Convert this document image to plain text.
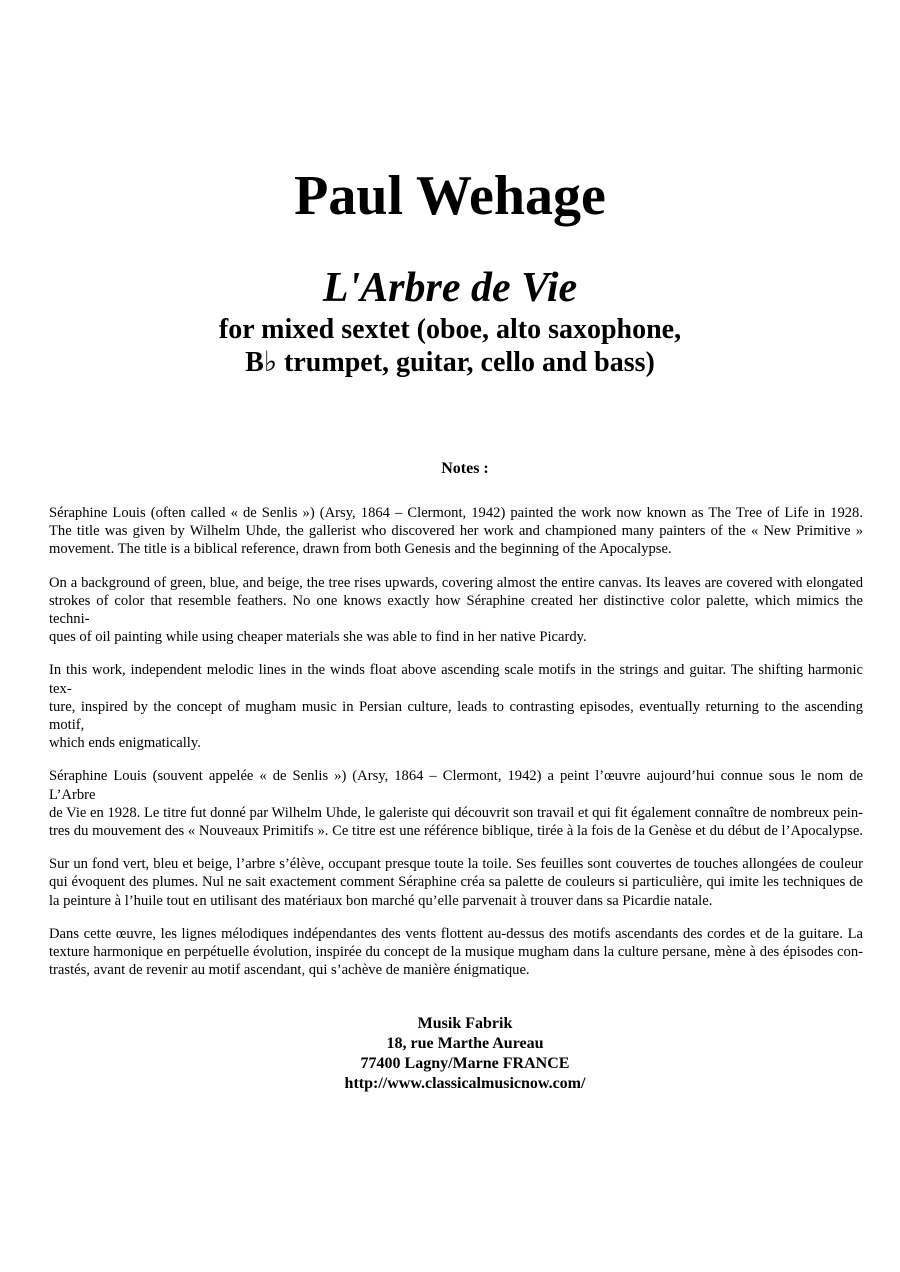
Paul Wehage
L'Arbre de Vie

for mixed sextet (oboe, alto saxophone,

B♭ trumpet, guitar, cello and bass)

Notes :

Séraphine Louis (often called « de Senlis ») (Arsy, 1864 – Clermont, 1942) painted the work now known as The Tree of Life in 1928.
The title was given by Wilhelm Uhde, the gallerist who discovered her work and championed many painters of the « New Primitive »
movement. The title is a biblical reference, drawn from both Genesis and the beginning of the Apocalypse.

On a background of green, blue, and beige, the tree rises upwards, covering almost the entire canvas. Its leaves are covered with elongated
strokes of color that resemble feathers. No one knows exactly how Séraphine created her distinctive color palette, which mimics the techni-
ques of oil painting while using cheaper materials she was able to find in her native Picardy.

In this work, independent melodic lines in the winds float above ascending scale motifs in the strings and guitar. The shifting harmonic tex-
ture, inspired by the concept of mugham music in Persian culture, leads to contrasting episodes, eventually returning to the ascending motif,
which ends enigmatically.

Séraphine Louis (souvent appelée « de Senlis ») (Arsy, 1864 – Clermont, 1942) a peint l’œuvre aujourd’hui connue sous le nom de L’Arbre
de Vie en 1928. Le titre fut donné par Wilhelm Uhde, le galeriste qui découvrit son travail et qui fit également connaître de nombreux pein-
tres du mouvement des « Nouveaux Primitifs ». Ce titre est une référence biblique, tirée à la fois de la Genèse et du début de l’Apocalypse.

Sur un fond vert, bleu et beige, l’arbre s’élève, occupant presque toute la toile. Ses feuilles sont couvertes de touches allongées de couleur
qui évoquent des plumes. Nul ne sait exactement comment Séraphine créa sa palette de couleurs si particulière, qui imite les techniques de
la peinture à l’huile tout en utilisant des matériaux bon marché qu’elle parvenait à trouver dans sa Picardie natale.

Dans cette œuvre, les lignes mélodiques indépendantes des vents flottent au-dessus des motifs ascendants des cordes et de la guitare. La
texture harmonique en perpétuelle évolution, inspirée du concept de la musique mugham dans la culture persane, mène à des épisodes con-
trastés, avant de revenir au motif ascendant, qui s’achève de manière énigmatique.

Musik Fabrik
18, rue Marthe Aureau
77400 Lagny/Marne FRANCE
http://www.classicalmusicnow.com/
